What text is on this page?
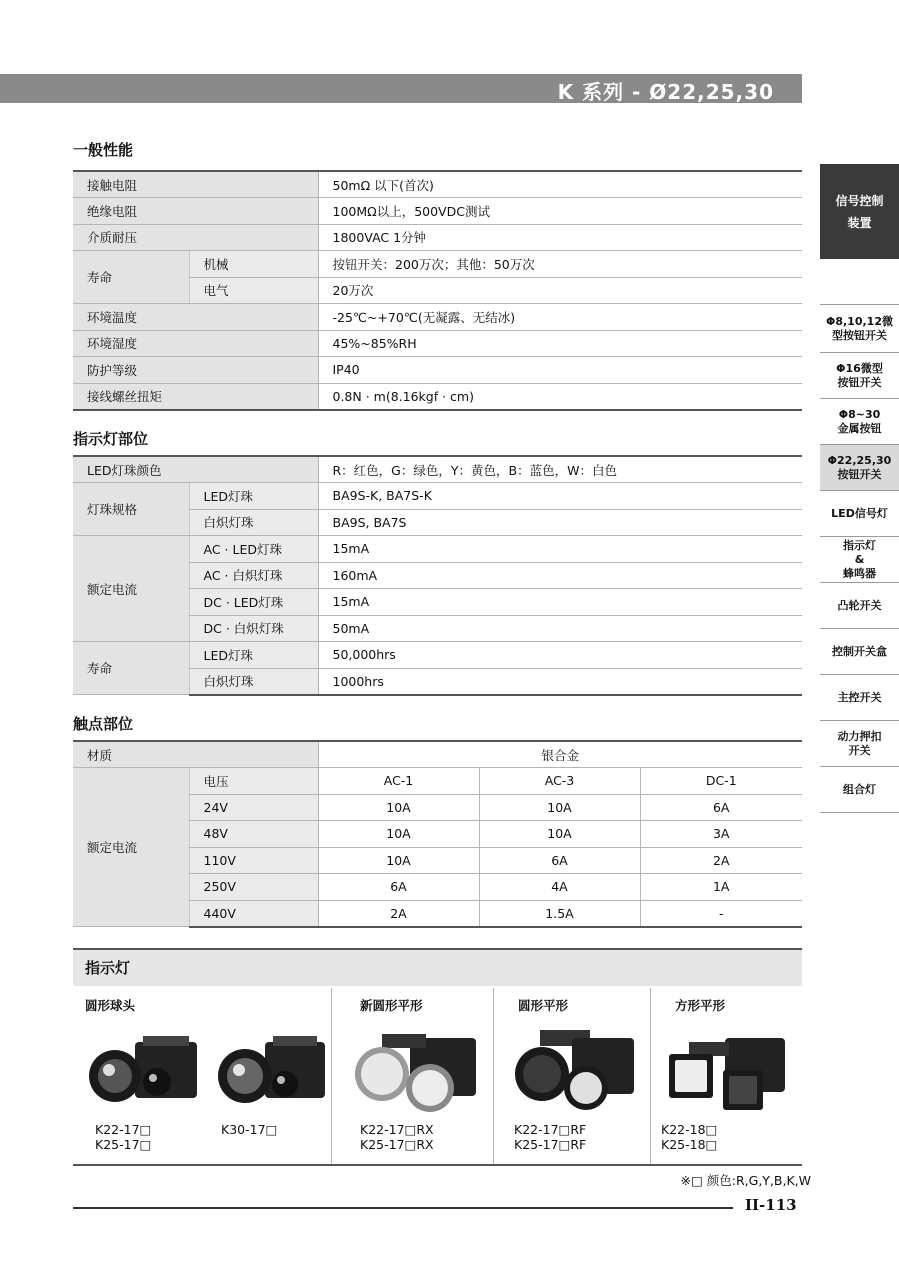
K 系列 - Ø22,25,30
信号控制
装置
Φ8,10,12微
型按钮开关
Φ16微型
按钮开关
Φ8~30
金属按钮
Φ22,25,30
按钮开关
LED信号灯
指示灯
&
蜂鸣器
凸轮开关
控制开关盒
主控开关
动力押扣
开关
组合灯
一般性能
接触电阻		50mΩ 以下(首次)
绝缘电阻		100MΩ以上，500VDC测试
介质耐压		1800VAC 1分钟
寿命	机械	按钮开关：200万次；其他：50万次
	电气	20万次
环境温度		-25℃~+70℃(无凝露、无结冰)
环境湿度		45%~85%RH
防护等级		IP40
接线螺丝扭矩		0.8N · m(8.16kgf · cm)
指示灯部位
LED灯珠颜色		R：红色，G：绿色，Y：黄色，B：蓝色，W：白色
灯珠规格	LED灯珠	BA9S-K, BA7S-K
	白炽灯珠	BA9S, BA7S
额定电流	AC · LED灯珠	15mA
	AC · 白炽灯珠	160mA
	DC · LED灯珠	15mA
	DC · 白炽灯珠	50mA
寿命	LED灯珠	50,000hrs
	白炽灯珠	1000hrs
触点部位
材质		银合金		
额定电流	电压	AC-1	AC-3	DC-1
	24V	10A	10A	6A
	48V	10A	10A	3A
	110V	10A	6A	2A
	250V	6A	4A	1A
	440V	2A	1.5A	-
指示灯
圆形球头
K22-17□
K25-17□
K30-17□
新圆形平形
K22-17□RX
K25-17□RX
圆形平形
K22-17□RF
K25-17□RF
方形平形
K22-18□
K25-18□
※□ 颜色:R,G,Y,B,K,W
II-113
